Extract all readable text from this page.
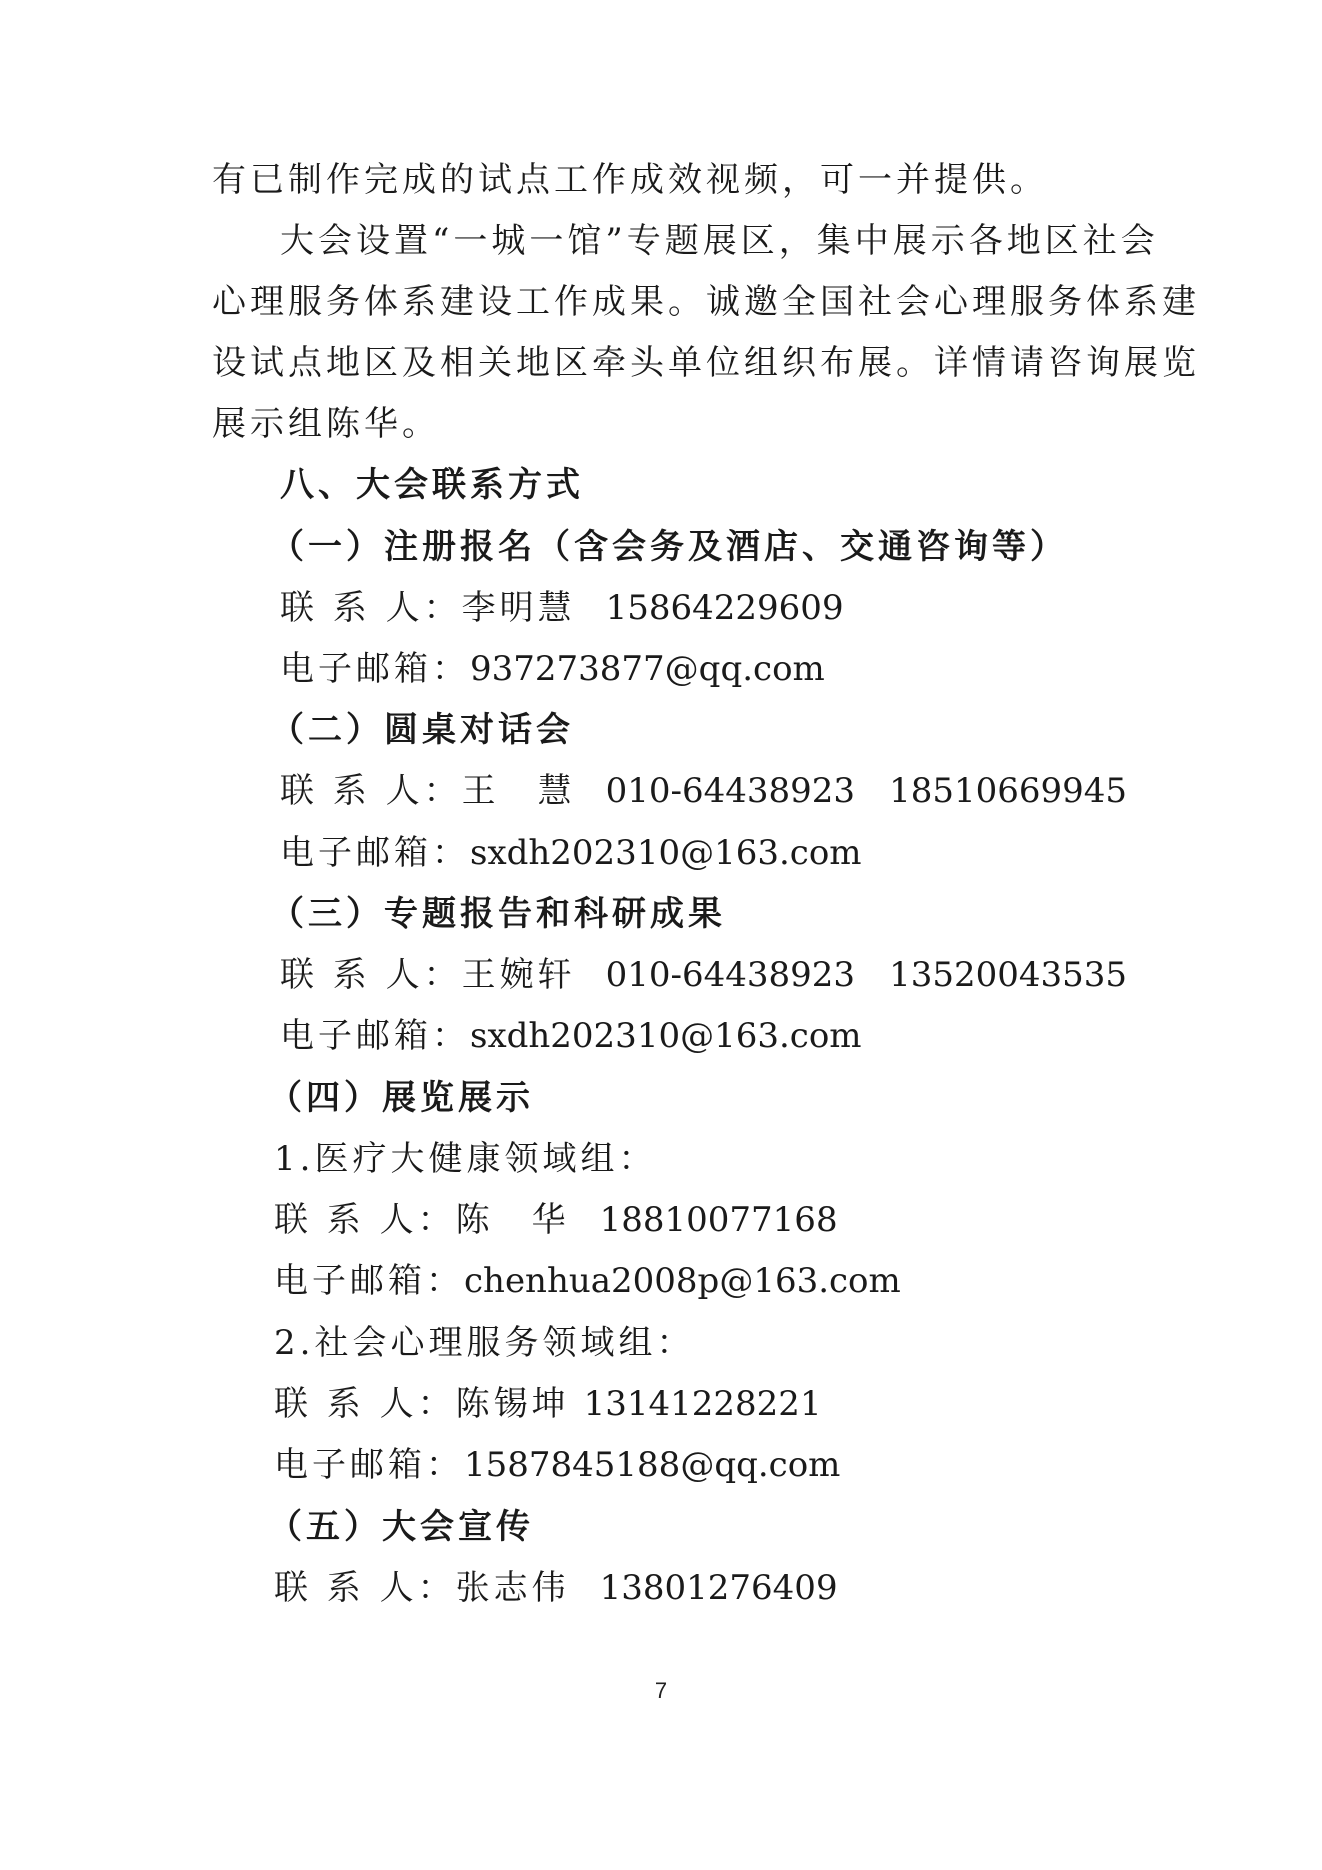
有已制作完成的试点工作成效视频，可一并提供。
大会设置“一城一馆”专题展区，集中展示各地区社会
心理服务体系建设工作成果。诚邀全国社会心理服务体系建
设试点地区及相关地区牵头单位组织布展。详情请咨询展览
展示组陈华。
八、大会联系方式
（一）注册报名（含会务及酒店、交通咨询等）
联 系 人：李明慧 15864229609
电子邮箱：937273877@qq.com
（二）圆桌对话会
联 系 人：王　慧 010-64438923　18510669945
电子邮箱：sxdh202310@163.com
（三）专题报告和科研成果
联 系 人：王婉轩 010-64438923　13520043535
电子邮箱：sxdh202310@163.com
（四）展览展示
1.医疗大健康领域组：
联 系 人：陈　华 18810077168
电子邮箱：chenhua2008p@163.com
2.社会心理服务领域组：
联 系 人：陈锡坤 13141228221
电子邮箱：1587845188@qq.com
（五）大会宣传
联 系 人：张志伟 13801276409
7
